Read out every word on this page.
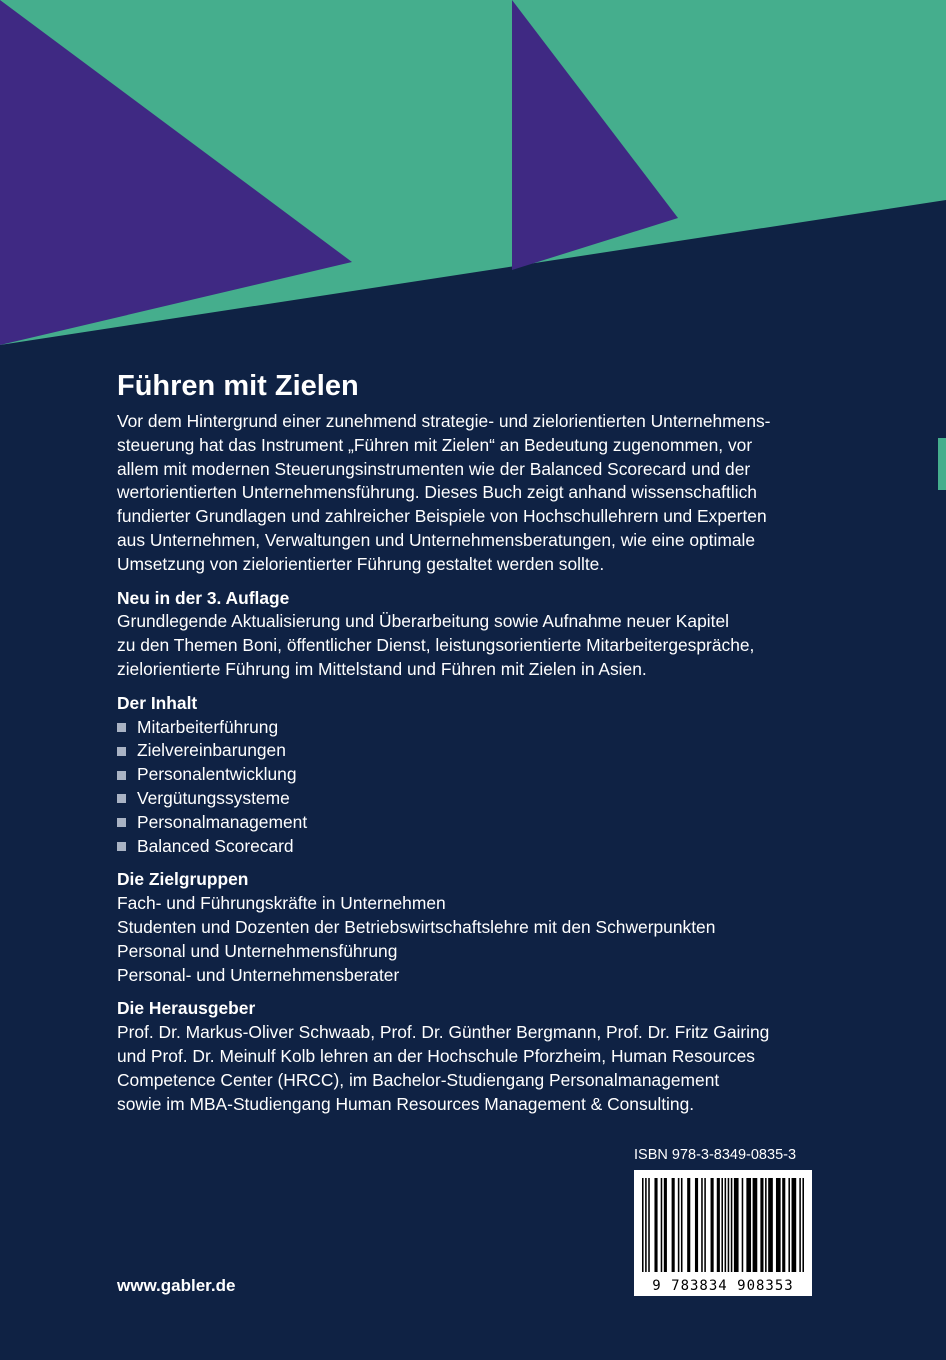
Führen mit Zielen

Vor dem Hintergrund einer zunehmend strategie- und zielorientierten Unternehmens-
steuerung hat das Instrument „Führen mit Zielen“ an Bedeutung zugenommen, vor
allem mit modernen Steuerungsinstrumenten wie der Balanced Scorecard und der
wertorientierten Unternehmensführung. Dieses Buch zeigt anhand wissenschaftlich
fundierter Grundlagen und zahlreicher Beispiele von Hochschullehrern und Experten
aus Unternehmen, Verwaltungen und Unternehmensberatungen, wie eine optimale
Umsetzung von zielorientierter Führung gestaltet werden sollte.

Neu in der 3. Auflage

Grundlegende Aktualisierung und Überarbeitung sowie Aufnahme neuer Kapitel
zu den Themen Boni, öffentlicher Dienst, leistungsorientierte Mitarbeitergespräche,
zielorientierte Führung im Mittelstand und Führen mit Zielen in Asien.

Der Inhalt

Mitarbeiterführung
Zielvereinbarungen
Personalentwicklung
Vergütungssysteme
Personalmanagement
Balanced Scorecard

Die Zielgruppen

Fach- und Führungskräfte in Unternehmen
Studenten und Dozenten der Betriebswirtschaftslehre mit den Schwerpunkten
Personal und Unternehmensführung
Personal- und Unternehmensberater

Die Herausgeber

Prof. Dr. Markus-Oliver Schwaab, Prof. Dr. Günther Bergmann, Prof. Dr. Fritz Gairing
und Prof. Dr. Meinulf Kolb lehren an der Hochschule Pforzheim, Human Resources
Competence Center (HRCC), im Bachelor-Studiengang Personalmanagement
sowie im MBA-Studiengang Human Resources Management & Consulting.

ISBN 978-3-8349-0835-3

9 783834 908353
www.gabler.de
